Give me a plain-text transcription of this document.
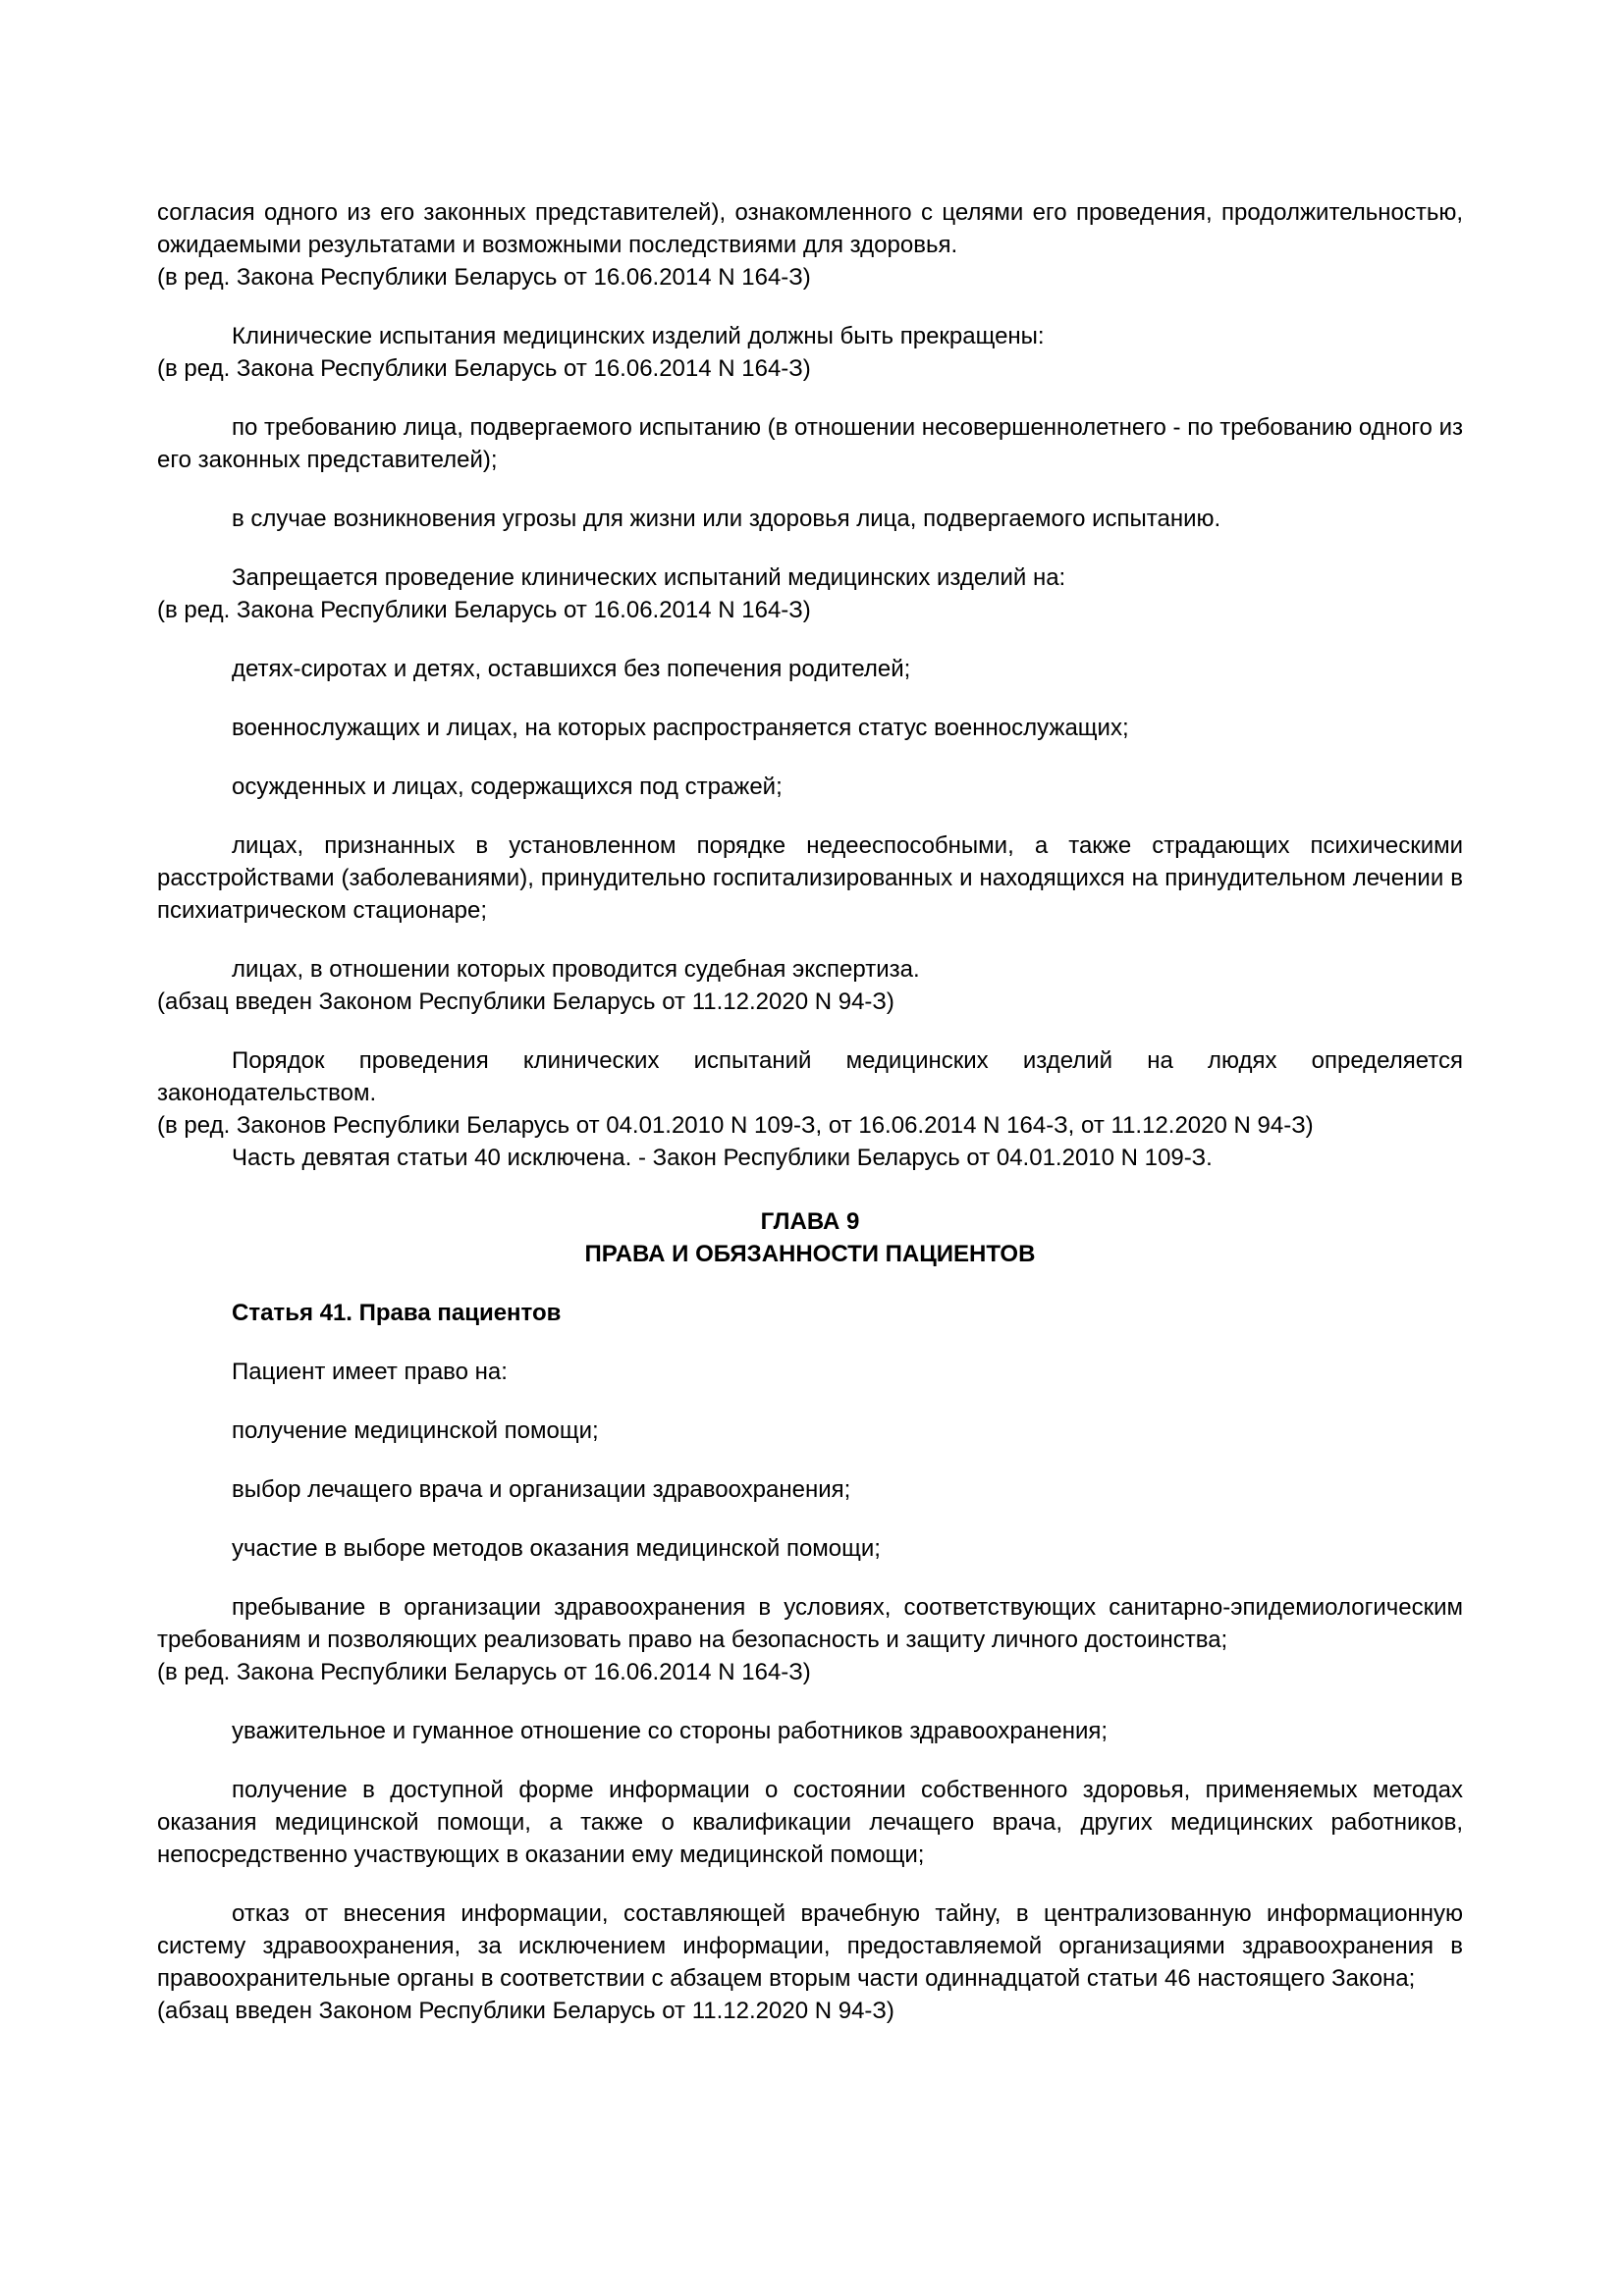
согласия одного из его законных представителей), ознакомленного с целями его проведения, продолжительностью, ожидаемыми результатами и возможными последствиями для здоровья.
(в ред. Закона Республики Беларусь от 16.06.2014 N 164-З)
Клинические испытания медицинских изделий должны быть прекращены:
(в ред. Закона Республики Беларусь от 16.06.2014 N 164-З)
по требованию лица, подвергаемого испытанию (в отношении несовершеннолетнего - по требованию одного из его законных представителей);
в случае возникновения угрозы для жизни или здоровья лица, подвергаемого испытанию.
Запрещается проведение клинических испытаний медицинских изделий на:
(в ред. Закона Республики Беларусь от 16.06.2014 N 164-З)
детях-сиротах и детях, оставшихся без попечения родителей;
военнослужащих и лицах, на которых распространяется статус военнослужащих;
осужденных и лицах, содержащихся под стражей;
лицах, признанных в установленном порядке недееспособными, а также страдающих психическими расстройствами (заболеваниями), принудительно госпитализированных и находящихся на принудительном лечении в психиатрическом стационаре;
лицах, в отношении которых проводится судебная экспертиза.
(абзац введен Законом Республики Беларусь от 11.12.2020 N 94-З)
Порядок проведения клинических испытаний медицинских изделий на людях определяется законодательством.
(в ред. Законов Республики Беларусь от 04.01.2010 N 109-З, от 16.06.2014 N 164-З, от 11.12.2020 N 94-З)
Часть девятая статьи 40 исключена. - Закон Республики Беларусь от 04.01.2010 N 109-З.
ГЛАВА 9
ПРАВА И ОБЯЗАННОСТИ ПАЦИЕНТОВ
Статья 41. Права пациентов
Пациент имеет право на:
получение медицинской помощи;
выбор лечащего врача и организации здравоохранения;
участие в выборе методов оказания медицинской помощи;
пребывание в организации здравоохранения в условиях, соответствующих санитарно-эпидемиологическим требованиям и позволяющих реализовать право на безопасность и защиту личного достоинства;
(в ред. Закона Республики Беларусь от 16.06.2014 N 164-З)
уважительное и гуманное отношение со стороны работников здравоохранения;
получение в доступной форме информации о состоянии собственного здоровья, применяемых методах оказания медицинской помощи, а также о квалификации лечащего врача, других медицинских работников, непосредственно участвующих в оказании ему медицинской помощи;
отказ от внесения информации, составляющей врачебную тайну, в централизованную информационную систему здравоохранения, за исключением информации, предоставляемой организациями здравоохранения в правоохранительные органы в соответствии с абзацем вторым части одиннадцатой статьи 46 настоящего Закона;
(абзац введен Законом Республики Беларусь от 11.12.2020 N 94-З)
